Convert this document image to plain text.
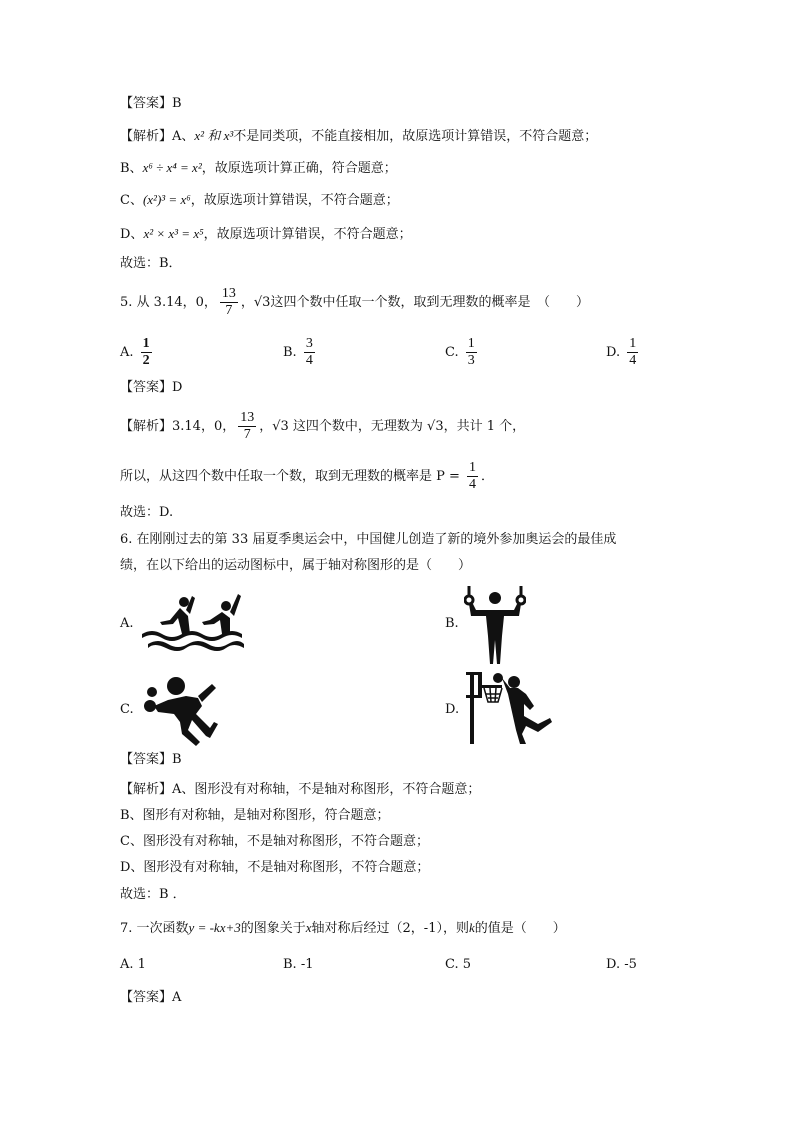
【答案】B
【解析】A、x² 和 x³不是同类项，不能直接相加，故原选项计算错误，不符合题意；
B、x⁶ ÷ x⁴ = x²，故原选项计算正确，符合题意；
C、(x²)³ = x⁶，故原选项计算错误，不符合题意；
D、x² × x³ = x⁵，故原选项计算错误，不符合题意；
故选：B．
5. 从 3.14，0， $\frac{13}{7}$ ，√3这四个数中任取一个数，取到无理数的概率是　（　　）
A. $\frac{1}{2}$	B. $\frac{3}{4}$	C. $\frac{1}{3}$	D. $\frac{1}{4}$
【答案】D
【解析】3.14，0， $\frac{13}{7}$ ，√3 这四个数中，无理数为 √3，共计 1 个，
所以，从这四个数中任取一个数，取到无理数的概率是 $P = \frac{1}{4}$ ．
故选：D.
6. 在刚刚过去的第 33 届夏季奥运会中，中国健儿创造了新的境外参加奥运会的最佳成
绩，在以下给出的运动图标中，属于轴对称图形的是（　　）
A.	B.
C.	D.
【答案】B
【解析】A、图形没有对称轴，不是轴对称图形，不符合题意；
B、图形有对称轴，是轴对称图形，符合题意；
C、图形没有对称轴，不是轴对称图形，不符合题意；
D、图形没有对称轴，不是轴对称图形，不符合题意；
故选：B ．
7. 一次函数y = -kx+3的图象关于x轴对称后经过（2，-1），则k的值是（　　）
A. 1	B. -1	C. 5	D. -5
【答案】A
